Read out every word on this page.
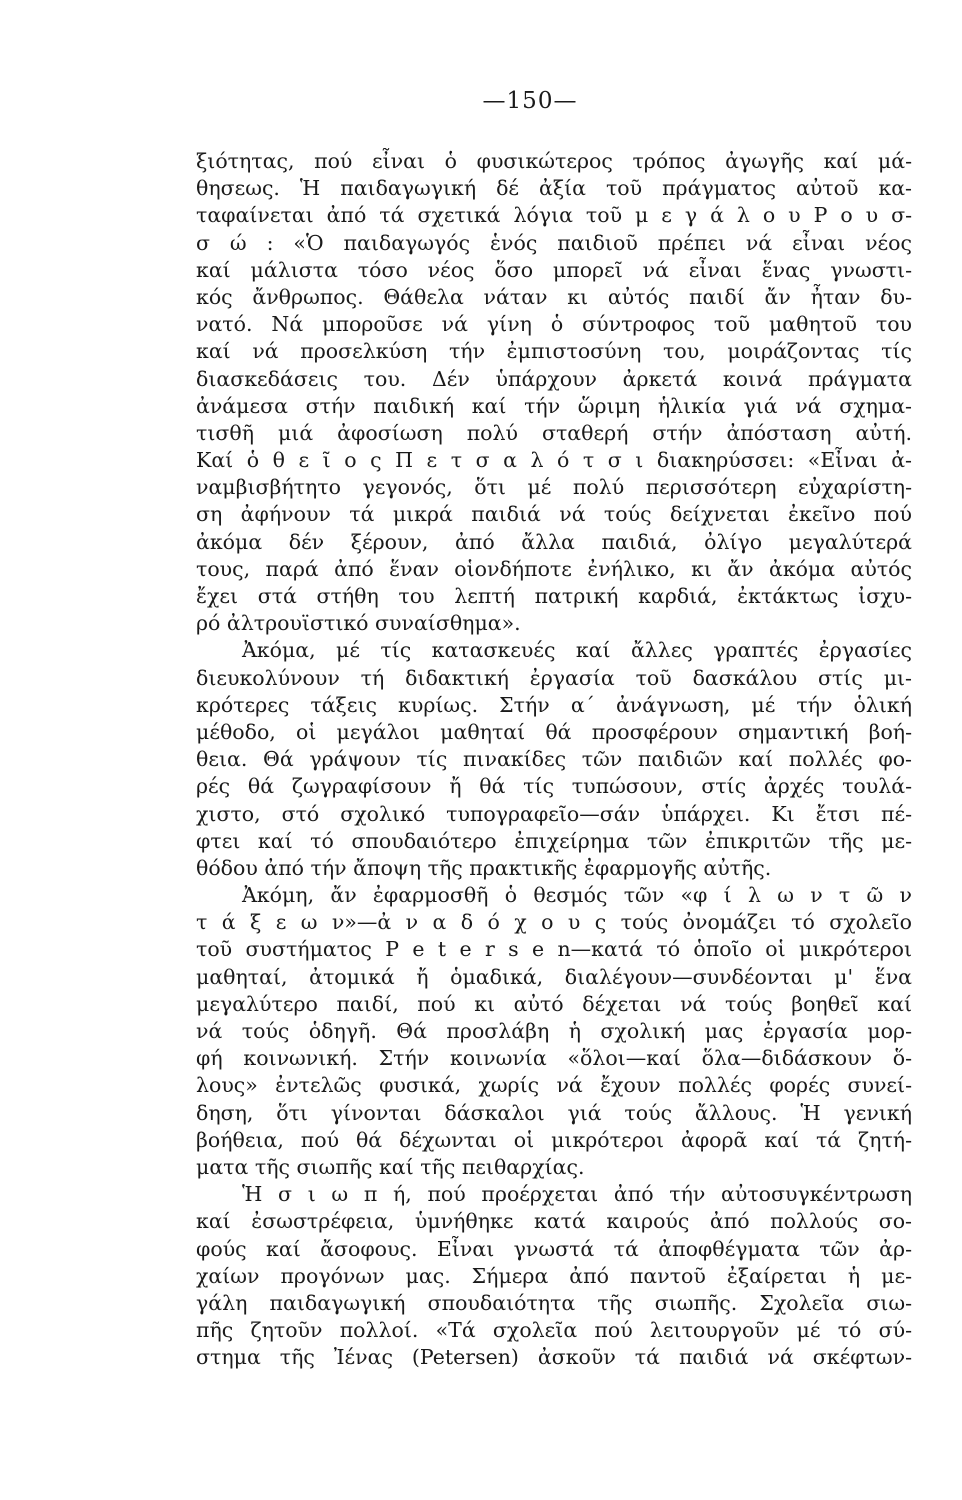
—150—
ξιότητας, πού εἶναι ὁ φυσικώτερος τρόπος ἀγωγῆς καί μά-
θησεως. Ἡ παιδαγωγική δέ ἀξία τοῦ πράγματος αὐτοῦ κα-
ταφαίνεται ἀπό τά σχετικά λόγια τοῦ μ ε γ ά λ ο υ Ρ ο υ σ-
σ ώ : «Ὁ παιδαγωγός ἑνός παιδιοῦ πρέπει νά εἶναι νέος
καί μάλιστα τόσο νέος ὅσο μπορεῖ νά εἶναι ἕνας γνωστι-
κός ἄνθρωπος. Θάθελα νάταν κι αὐτός παιδί ἄν ἦταν δυ-
νατό. Νά μποροῦσε νά γίνη ὁ σύντροφος τοῦ μαθητοῦ του
καί νά προσελκύση τήν ἐμπιστοσύνη του, μοιράζοντας τίς
διασκεδάσεις του. Δέν ὑπάρχουν ἀρκετά κοινά πράγματα
ἀνάμεσα στήν παιδική καί τήν ὥριμη ἡλικία γιά νά σχημα-
τισθῆ μιά ἀφοσίωση πολύ σταθερή στήν ἀπόσταση αὐτή.
Καί ὁ θ ε ῖ ο ς Π ε τ σ α λ ό τ σ ι διακηρύσσει: «Εἶναι ἀ-
ναμβισβήτητο γεγονός, ὅτι μέ πολύ περισσότερη εὐχαρίστη-
ση ἀφήνουν τά μικρά παιδιά νά τούς δείχνεται ἐκεῖνο πού
ἀκόμα δέν ξέρουν, ἀπό ἄλλα παιδιά, ὀλίγο μεγαλύτερά
τους, παρά ἀπό ἕναν οἱονδήποτε ἐνήλικο, κι ἄν ἀκόμα αὐτός
ἔχει στά στήθη του λεπτή πατρική καρδιά, ἐκτάκτως ἰσχυ-
ρό ἀλτρουϊστικό συναίσθημα».
Ἀκόμα, μέ τίς κατασκευές καί ἄλλες γραπτές ἐργασίες
διευκολύνουν τή διδακτική ἐργασία τοῦ δασκάλου στίς μι-
κρότερες τάξεις κυρίως. Στήν α΄ ἀνάγνωση, μέ τήν ὁλική
μέθοδο, οἱ μεγάλοι μαθηταί θά προσφέρουν σημαντική βοή-
θεια. Θά γράψουν τίς πινακίδες τῶν παιδιῶν καί πολλές φο-
ρές θά ζωγραφίσουν ἤ θά τίς τυπώσουν, στίς ἀρχές τουλά-
χιστο, στό σχολικό τυπογραφεῖο—σάν ὑπάρχει. Κι ἔτσι πέ-
φτει καί τό σπουδαιότερο ἐπιχείρημα τῶν ἐπικριτῶν τῆς με-
θόδου ἀπό τήν ἄποψη τῆς πρακτικῆς ἐφαρμογῆς αὐτῆς.
Ἀκόμη, ἄν ἐφαρμοσθῆ ὁ θεσμός τῶν «φ ί λ ω ν τ ῶ ν
τ ά ξ ε ω ν»—ἀ ν α δ ό χ ο υ ς τούς ὀνομάζει τό σχολεῖο
τοῦ συστήματος P e t e r s e n—κατά τό ὁποῖο οἱ μικρότεροι
μαθηταί, ἀτομικά ἤ ὁμαδικά, διαλέγουν—συνδέονται μ' ἕνα
μεγαλύτερο παιδί, πού κι αὐτό δέχεται νά τούς βοηθεῖ καί
νά τούς ὁδηγῆ. Θά προσλάβη ἡ σχολική μας ἐργασία μορ-
φή κοινωνική. Στήν κοινωνία «ὅλοι—καί ὅλα—διδάσκουν ὅ-
λους» ἐντελῶς φυσικά, χωρίς νά ἔχουν πολλές φορές συνεί-
δηση, ὅτι γίνονται δάσκαλοι γιά τούς ἄλλους. Ἡ γενική
βοήθεια, πού θά δέχωνται οἱ μικρότεροι ἀφορᾶ καί τά ζητή-
ματα τῆς σιωπῆς καί τῆς πειθαρχίας.
Ἡ σ ι ω π ή, πού προέρχεται ἀπό τήν αὐτοσυγκέντρωση
καί ἐσωστρέφεια, ὑμνήθηκε κατά καιρούς ἀπό πολλούς σο-
φούς καί ἄσοφους. Εἶναι γνωστά τά ἀποφθέγματα τῶν ἀρ-
χαίων προγόνων μας. Σήμερα ἀπό παντοῦ ἐξαίρεται ἡ με-
γάλη παιδαγωγική σπουδαιότητα τῆς σιωπῆς. Σχολεῖα σιω-
πῆς ζητοῦν πολλοί. «Τά σχολεῖα πού λειτουργοῦν μέ τό σύ-
στημα τῆς Ἰένας (Petersen) ἀσκοῦν τά παιδιά νά σκέφτων-
